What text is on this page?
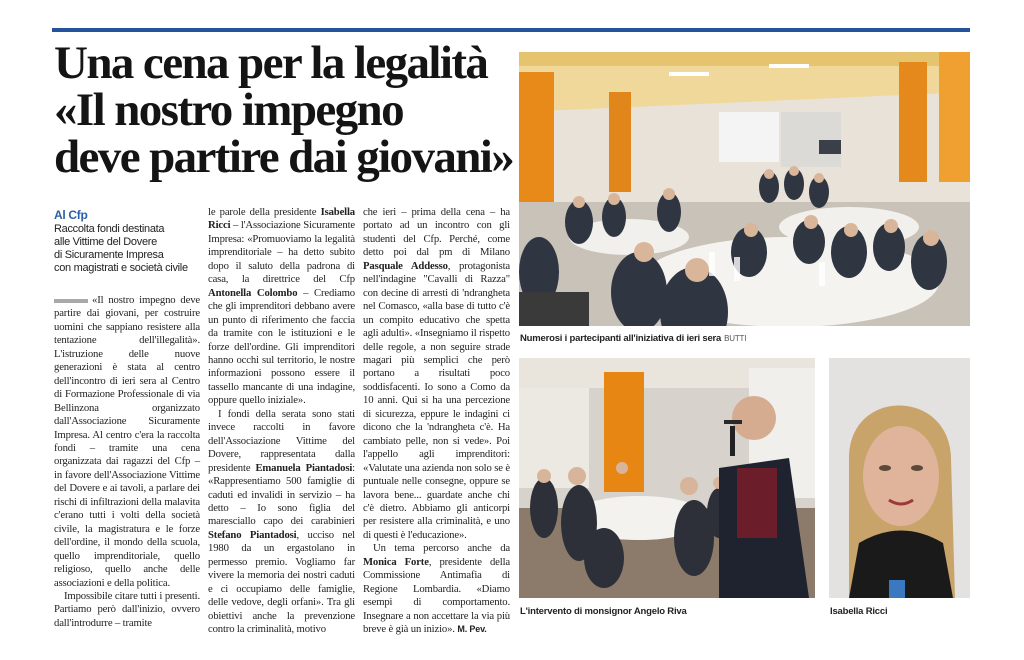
Una cena per la legalità
«Il nostro impegno
deve partire dai giovani»
Al Cfp
Raccolta fondi destinata
alle Vittime del Dovere
di Sicuramente Impresa
con magistrati e società civile

«Il nostro impegno deve partire dai giovani, per costruire uomini che sappiano resistere alla tentazione dell'illegalità». L'istruzione delle nuove generazioni è stata al centro dell'incontro di ieri sera al Centro di Formazione Professionale di via Bellinzona organizzato dall'Associazione Sicuramente Impresa. Al centro c'era la raccolta fondi – tramite una cena organizzata dai ragazzi del Cfp – in favore dell'Associazione Vittime del Dovere e ai tavoli, a parlare dei rischi di infiltrazioni della malavita c'erano tutti i volti della società civile, la magistratura e le forze dell'ordine, il mondo della scuola, quello imprenditoriale, quello religioso, quello anche delle associazioni e della politica.

Impossibile citare tutti i presenti. Partiamo però dall'inizio, ovvero dall'introdurre – tramite

le parole della presidente Isabella Ricci – l'Associazione Sicuramente Impresa: «Promuoviamo la legalità imprenditoriale – ha detto subito dopo il saluto della padrona di casa, la direttrice del Cfp Antonella Colombo – Crediamo che gli imprenditori debbano avere un punto di riferimento che faccia da tramite con le istituzioni e le forze dell'ordine. Gli imprenditori hanno occhi sul territorio, le nostre informazioni possono essere il tassello mancante di una indagine, oppure quello iniziale».

I fondi della serata sono stati invece raccolti in favore dell'Associazione Vittime del Dovere, rappresentata dalla presidente Emanuela Piantadosi: «Rappresentiamo 500 famiglie di caduti ed invalidi in servizio – ha detto – Io sono figlia del maresciallo capo dei carabinieri Stefano Piantadosi, ucciso nel 1980 da un ergastolano in permesso premio. Vogliamo far vivere la memoria dei nostri caduti e ci occupiamo delle famiglie, delle vedove, degli orfani». Tra gli obiettivi anche la prevenzione contro la criminalità, motivo

che ieri – prima della cena – ha portato ad un incontro con gli studenti del Cfp. Perché, come detto poi dal pm di Milano Pasquale Addesso, protagonista nell'indagine "Cavalli di Razza" con decine di arresti di 'ndrangheta nel Comasco, «alla base di tutto c'è un compito educativo che spetta agli adulti». «Insegniamo il rispetto delle regole, a non seguire strade magari più semplici che però portano a risultati poco soddisfacenti. Io sono a Como da 10 anni. Qui si ha una percezione di sicurezza, eppure le indagini ci dicono che la 'ndrangheta c'è. Ha cambiato pelle, non si vede». Poi l'appello agli imprenditori: «Valutate una azienda non solo se è puntuale nelle consegne, oppure se lavora bene... guardate anche chi c'è dietro. Abbiamo gli anticorpi per resistere alla criminalità, e uno di questi è l'educazione».

Un tema percorso anche da Monica Forte, presidente della Commissione Antimafia di Regione Lombardia. «Diamo esempi di comportamento. Insegnare a non accettare la via più breve è già un inizio». M. Pev.

Numerosi i partecipanti all'iniziativa di ieri sera BUTTI
L'intervento di monsignor Angelo Riva	Isabella Ricci
